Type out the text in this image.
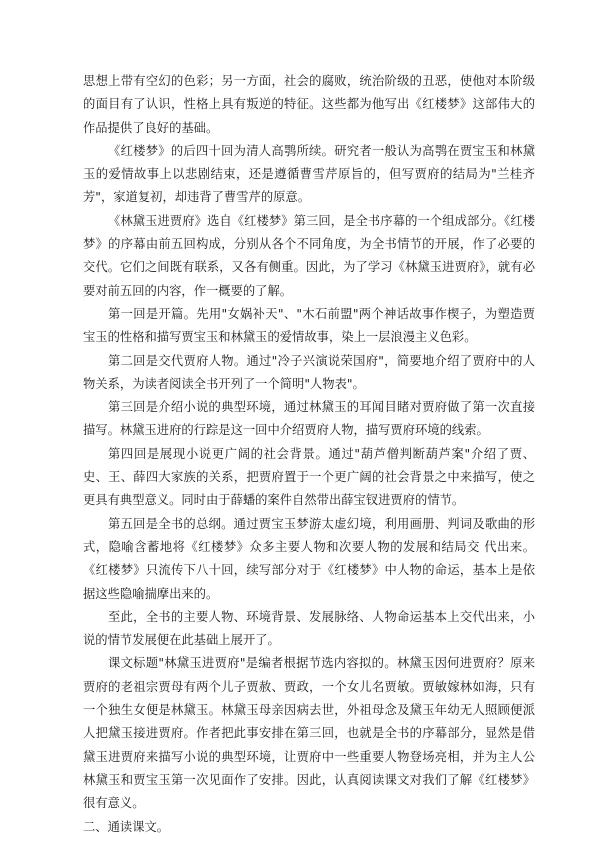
思想上带有空幻的色彩；另一方面，社会的腐败，统治阶级的丑恶，使他对本阶级的面目有了认识，性格上具有叛逆的特征。这些都为他写出《红楼梦》这部伟大的作品提供了良好的基础。

《红楼梦》的后四十回为清人高鹗所续。研究者一般认为高鹗在贾宝玉和林黛玉的爱情故事上以悲剧结束，还是遵循曹雪芹原旨的，但写贾府的结局为"兰桂齐芳"，家道复初，却违背了曹雪芹的原意。

《林黛玉进贾府》选自《红楼梦》第三回，是全书序幕的一个组成部分。《红楼梦》的序幕由前五回构成，分别从各个不同角度，为全书情节的开展，作了必要的交代。它们之间既有联系，又各有侧重。因此，为了学习《林黛玉进贾府》，就有必要对前五回的内容，作一概要的了解。

第一回是开篇。先用"女娲补天"、"木石前盟"两个神话故事作楔子，为塑造贾宝玉的性格和描写贾宝玉和林黛玉的爱情故事，染上一层浪漫主义色彩。

第二回是交代贾府人物。通过"冷子兴演说荣国府"，简要地介绍了贾府中的人物关系，为读者阅读全书开列了一个简明"人物表"。

第三回是介绍小说的典型环境，通过林黛玉的耳闻目睹对贾府做了第一次直接描写。林黛玉进府的行踪是这一回中介绍贾府人物，描写贾府环境的线索。

第四回是展现小说更广阔的社会背景。通过"葫芦僧判断葫芦案"介绍了贾、史、王、薛四大家族的关系，把贾府置于一个更广阔的社会背景之中来描写，使之更具有典型意义。同时由于薛蟠的案件自然带出薛宝钗进贾府的情节。

第五回是全书的总纲。通过贾宝玉梦游太虚幻境，利用画册、判词及歌曲的形式，隐喻含蓄地将《红楼梦》众多主要人物和次要人物的发展和结局交 代出来。《红楼梦》只流传下八十回，续写部分对于《红楼梦》中人物的命运，基本上是依据这些隐喻揣摩出来的。

至此，全书的主要人物、环境背景、发展脉络、人物命运基本上交代出来，小说的情节发展便在此基础上展开了。

课文标题"林黛玉进贾府"是编者根据节选内容拟的。林黛玉因何进贾府？原来贾府的老祖宗贾母有两个儿子贾赦、贾政，一个女儿名贾敏。贾敏嫁林如海，只有一个独生女便是林黛玉。林黛玉母亲因病去世，外祖母念及黛玉年幼无人照顾便派人把黛玉接进贾府。作者把此事安排在第三回，也就是全书的序幕部分，显然是借黛玉进贾府来描写小说的典型环境，让贾府中一些重要人物登场亮相，并为主人公林黛玉和贾宝玉第一次见面作了安排。因此，认真阅读课文对我们了解《红楼梦》很有意义。

二、通读课文。
